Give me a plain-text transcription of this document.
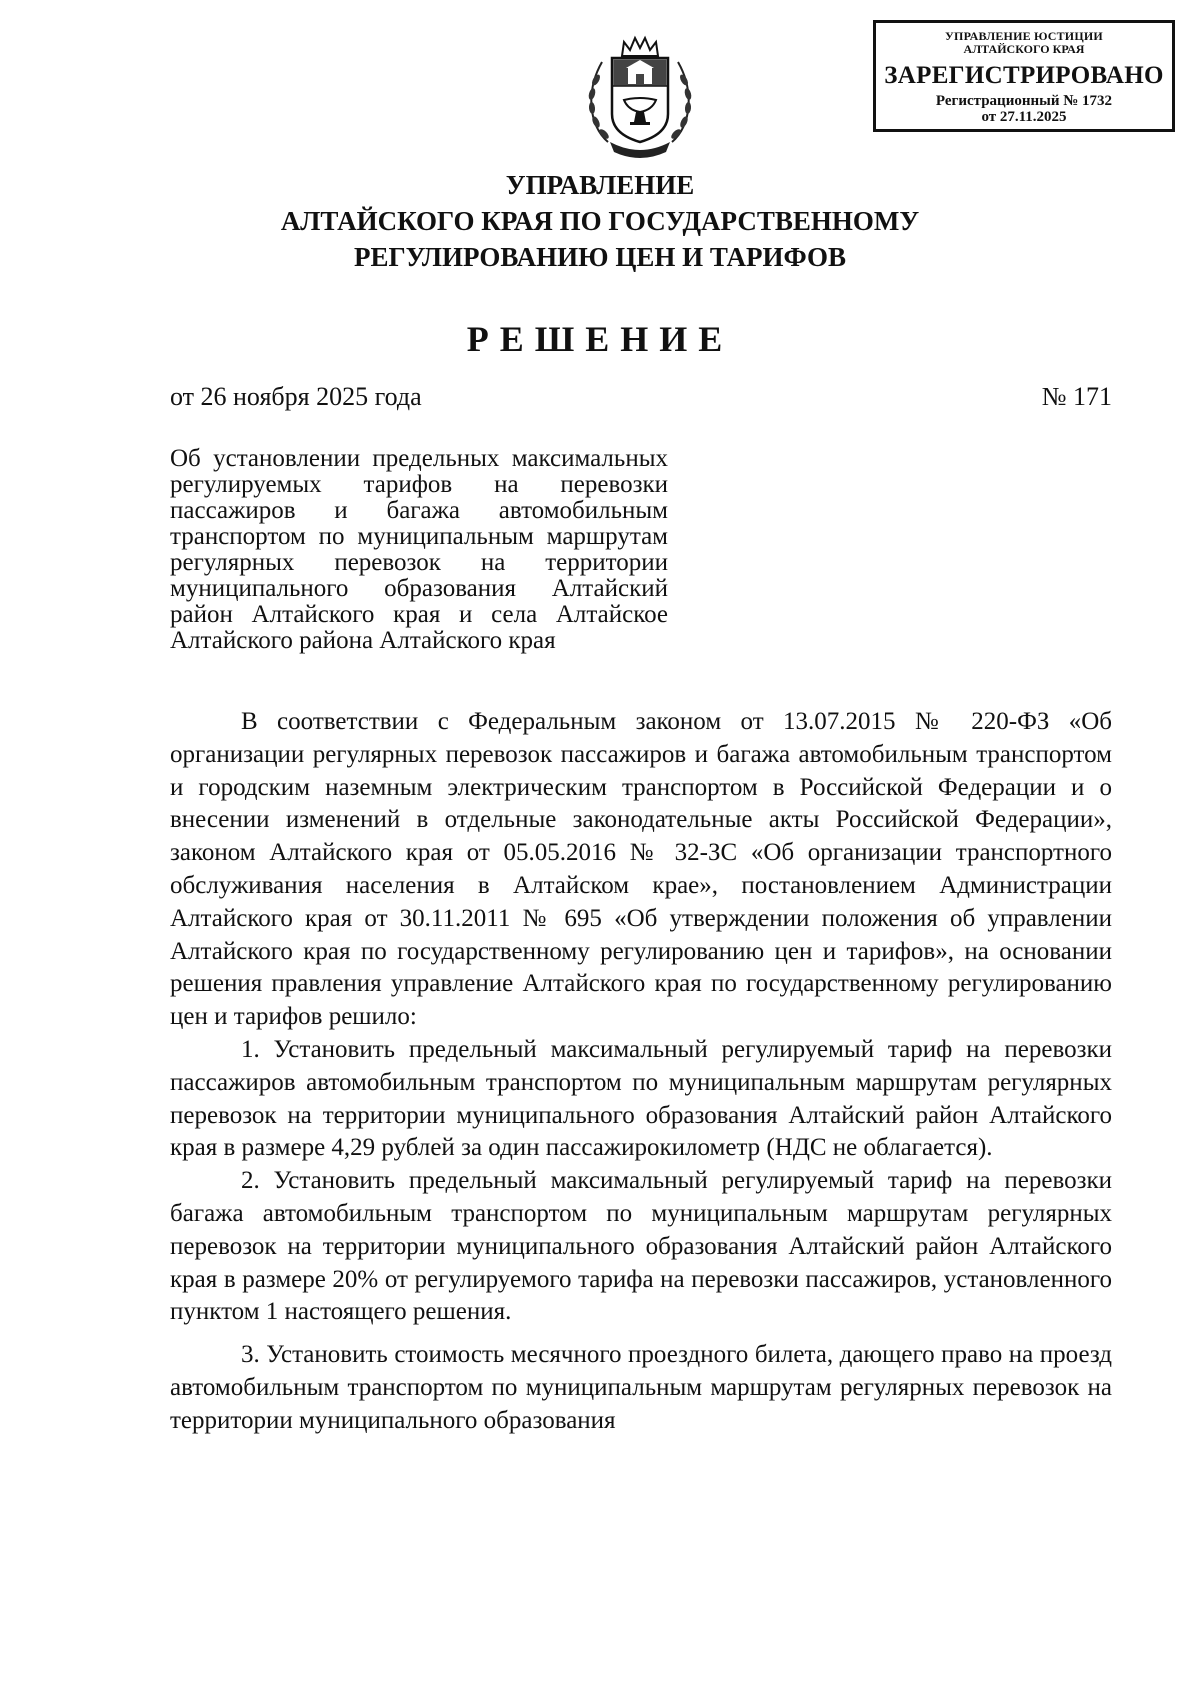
УПРАВЛЕНИЕ ЮСТИЦИИ
АЛТАЙСКОГО КРАЯ
ЗАРЕГИСТРИРОВАНО
Регистрационный № 1732
от 27.11.2025
УПРАВЛЕНИЕ
АЛТАЙСКОГО КРАЯ ПО ГОСУДАРСТВЕННОМУ
РЕГУЛИРОВАНИЮ ЦЕН И ТАРИФОВ
РЕШЕНИЕ
от 26 ноября 2025 года	№ 171
Об установлении предельных максимальных регулируемых тарифов на перевозки пассажиров и багажа автомобильным транспортом по муниципальным маршрутам регулярных перевозок на территории муниципального образования Алтайский район Алтайского края и села Алтайское Алтайского района Алтайского края

В соответствии с Федеральным законом от 13.07.2015 № 220-ФЗ «Об организации регулярных перевозок пассажиров и багажа автомобильным транспортом и городским наземным электрическим транспортом в Российской Федерации и о внесении изменений в отдельные законодательные акты Российской Федерации», законом Алтайского края от 05.05.2016 № 32-ЗС «Об организации транспортного обслуживания населения в Алтайском крае», постановлением Администрации Алтайского края от 30.11.2011 № 695 «Об утверждении положения об управлении Алтайского края по государственному регулированию цен и тарифов», на основании решения правления управление Алтайского края по государственному регулированию цен и тарифов решило:

1. Установить предельный максимальный регулируемый тариф на перевозки пассажиров автомобильным транспортом по муниципальным маршрутам регулярных перевозок на территории муниципального образования Алтайский район Алтайского края в размере 4,29 рублей за один пассажирокилометр (НДС не облагается).

2. Установить предельный максимальный регулируемый тариф на перевозки багажа автомобильным транспортом по муниципальным маршрутам регулярных перевозок на территории муниципального образования Алтайский район Алтайского края в размере 20% от регулируемого тарифа на перевозки пассажиров, установленного пунктом 1 настоящего решения.

3. Установить стоимость месячного проездного билета, дающего право на проезд автомобильным транспортом по муниципальным маршрутам регулярных перевозок на территории муниципального образования
